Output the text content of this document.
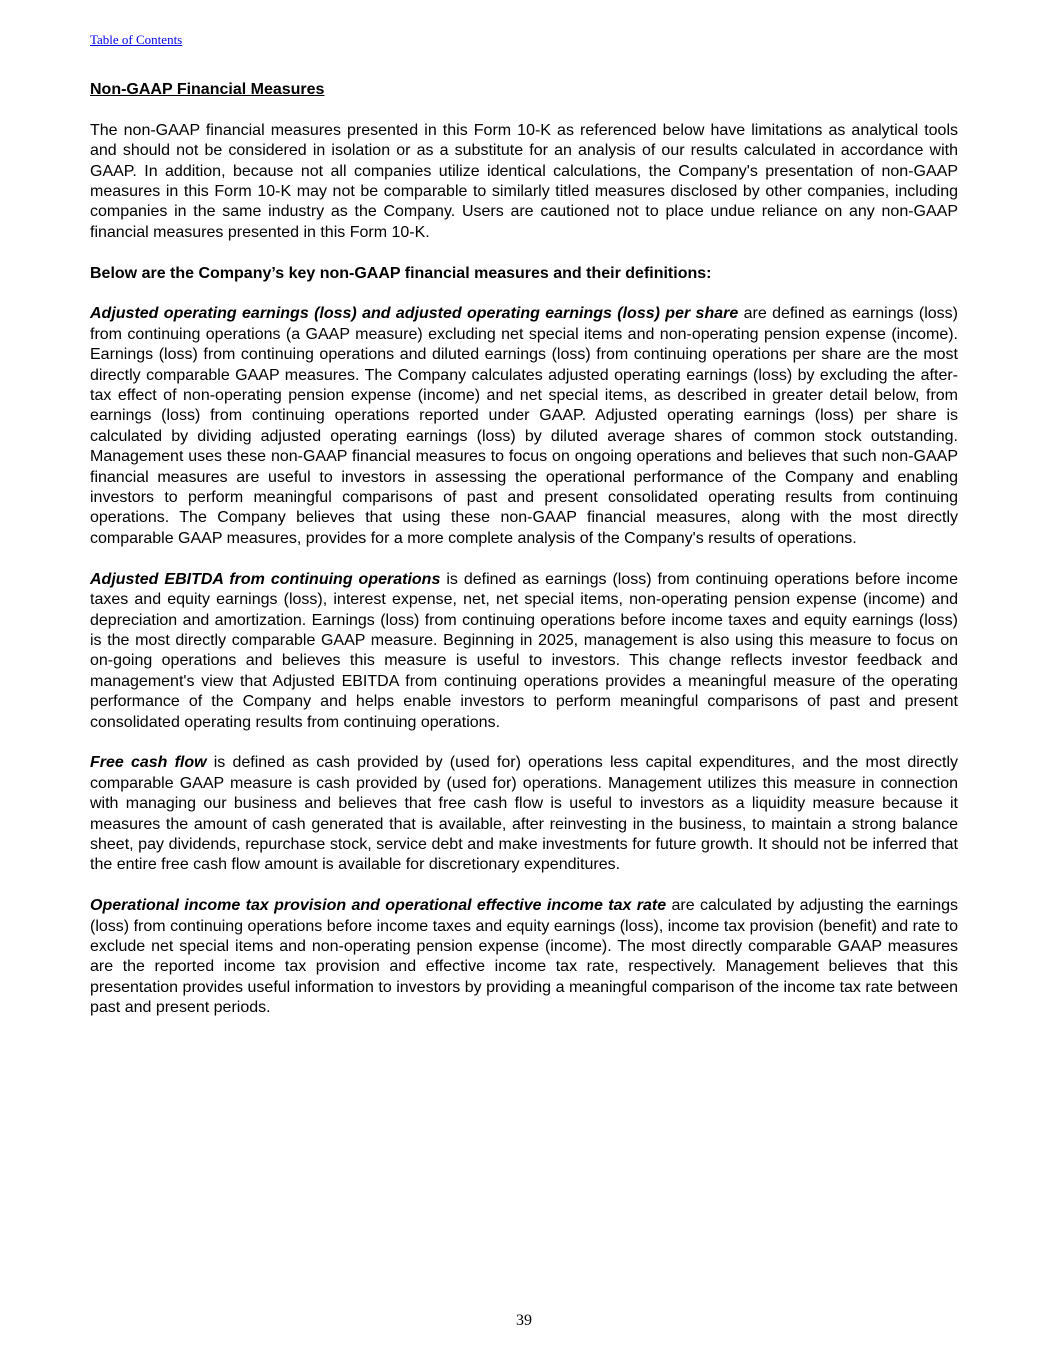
Table of Contents
Non-GAAP Financial Measures

The non-GAAP financial measures presented in this Form 10-K as referenced below have limitations as analytical tools and should not be considered in isolation or as a substitute for an analysis of our results calculated in accordance with GAAP. In addition, because not all companies utilize identical calculations, the Company's presentation of non-GAAP measures in this Form 10-K may not be comparable to similarly titled measures disclosed by other companies, including companies in the same industry as the Company. Users are cautioned not to place undue reliance on any non-GAAP financial measures presented in this Form 10-K.

Below are the Company’s key non-GAAP financial measures and their definitions:

Adjusted operating earnings (loss) and adjusted operating earnings (loss) per share are defined as earnings (loss) from continuing operations (a GAAP measure) excluding net special items and non-operating pension expense (income). Earnings (loss) from continuing operations and diluted earnings (loss) from continuing operations per share are the most directly comparable GAAP measures. The Company calculates adjusted operating earnings (loss) by excluding the after-tax effect of non-operating pension expense (income) and net special items, as described in greater detail below, from earnings (loss) from continuing operations reported under GAAP. Adjusted operating earnings (loss) per share is calculated by dividing adjusted operating earnings (loss) by diluted average shares of common stock outstanding. Management uses these non-GAAP financial measures to focus on ongoing operations and believes that such non-GAAP financial measures are useful to investors in assessing the operational performance of the Company and enabling investors to perform meaningful comparisons of past and present consolidated operating results from continuing operations. The Company believes that using these non-GAAP financial measures, along with the most directly comparable GAAP measures, provides for a more complete analysis of the Company's results of operations.

Adjusted EBITDA from continuing operations is defined as earnings (loss) from continuing operations before income taxes and equity earnings (loss), interest expense, net, net special items, non-operating pension expense (income) and depreciation and amortization. Earnings (loss) from continuing operations before income taxes and equity earnings (loss) is the most directly comparable GAAP measure. Beginning in 2025, management is also using this measure to focus on on-going operations and believes this measure is useful to investors. This change reflects investor feedback and management's view that Adjusted EBITDA from continuing operations provides a meaningful measure of the operating performance of the Company and helps enable investors to perform meaningful comparisons of past and present consolidated operating results from continuing operations.

Free cash flow is defined as cash provided by (used for) operations less capital expenditures, and the most directly comparable GAAP measure is cash provided by (used for) operations. Management utilizes this measure in connection with managing our business and believes that free cash flow is useful to investors as a liquidity measure because it measures the amount of cash generated that is available, after reinvesting in the business, to maintain a strong balance sheet, pay dividends, repurchase stock, service debt and make investments for future growth. It should not be inferred that the entire free cash flow amount is available for discretionary expenditures.

Operational income tax provision and operational effective income tax rate are calculated by adjusting the earnings (loss) from continuing operations before income taxes and equity earnings (loss), income tax provision (benefit) and rate to exclude net special items and non-operating pension expense (income). The most directly comparable GAAP measures are the reported income tax provision and effective income tax rate, respectively. Management believes that this presentation provides useful information to investors by providing a meaningful comparison of the income tax rate between past and present periods.

39
